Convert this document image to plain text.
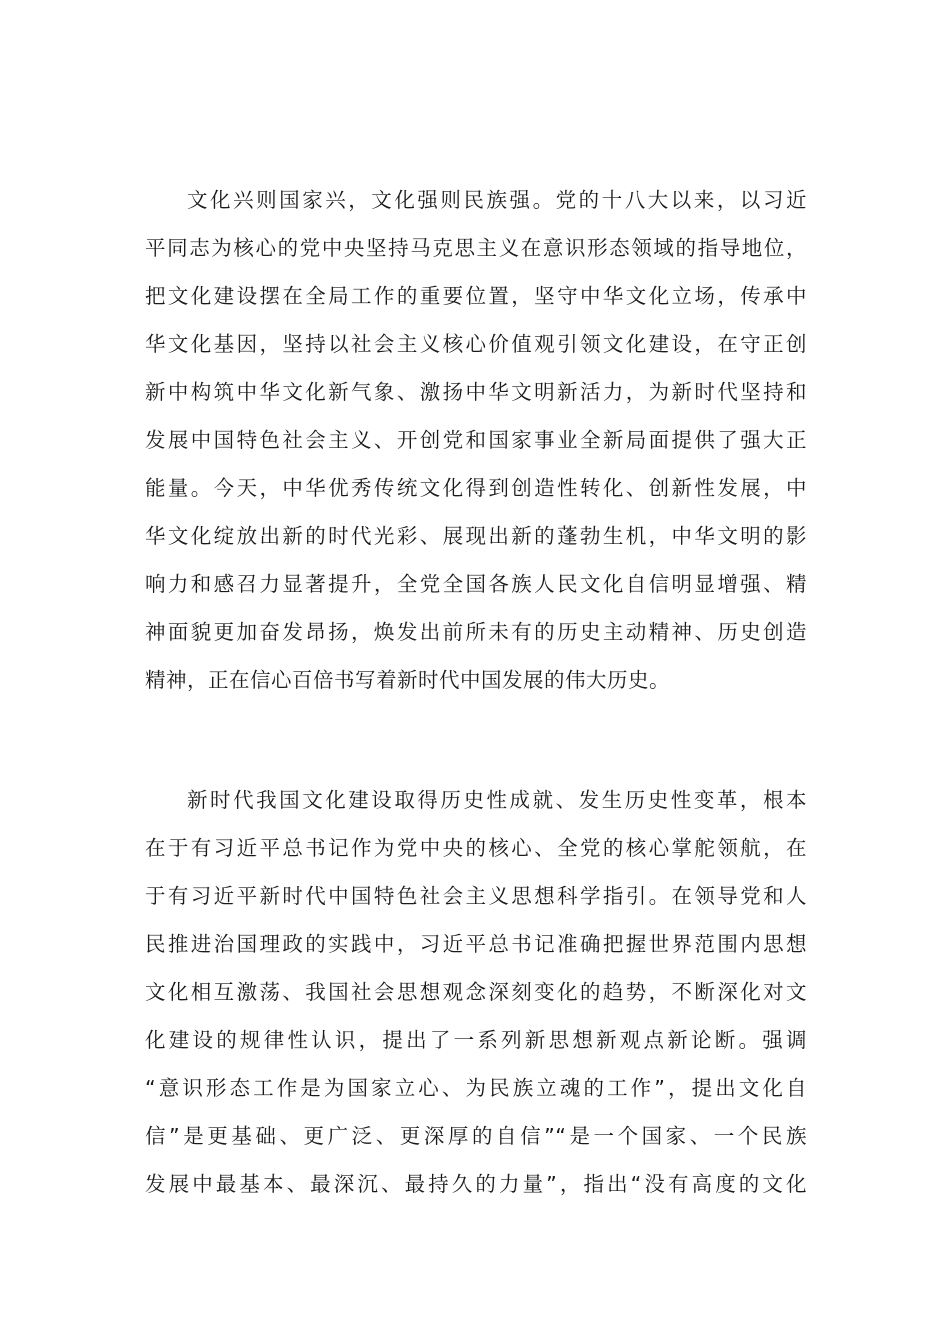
文化兴则国家兴，文化强则民族强。党的十八大以来，以习近
平同志为核心的党中央坚持马克思主义在意识形态领域的指导地位，
把文化建设摆在全局工作的重要位置，坚守中华文化立场，传承中
华文化基因，坚持以社会主义核心价值观引领文化建设，在守正创
新中构筑中华文化新气象、激扬中华文明新活力，为新时代坚持和
发展中国特色社会主义、开创党和国家事业全新局面提供了强大正
能量。今天，中华优秀传统文化得到创造性转化、创新性发展，中
华文化绽放出新的时代光彩、展现出新的蓬勃生机，中华文明的影
响力和感召力显著提升，全党全国各族人民文化自信明显增强、精
神面貌更加奋发昂扬，焕发出前所未有的历史主动精神、历史创造
精神，正在信心百倍书写着新时代中国发展的伟大历史。
新时代我国文化建设取得历史性成就、发生历史性变革，根本
在于有习近平总书记作为党中央的核心、全党的核心掌舵领航，在
于有习近平新时代中国特色社会主义思想科学指引。在领导党和人
民推进治国理政的实践中，习近平总书记准确把握世界范围内思想
文化相互激荡、我国社会思想观念深刻变化的趋势，不断深化对文
化建设的规律性认识，提出了一系列新思想新观点新论断。强调
“意识形态工作是为国家立心、为民族立魂的工作”，提出文化自
信”是更基础、更广泛、更深厚的自信”“是一个国家、一个民族
发展中最基本、最深沉、最持久的力量”，指出“没有高度的文化
